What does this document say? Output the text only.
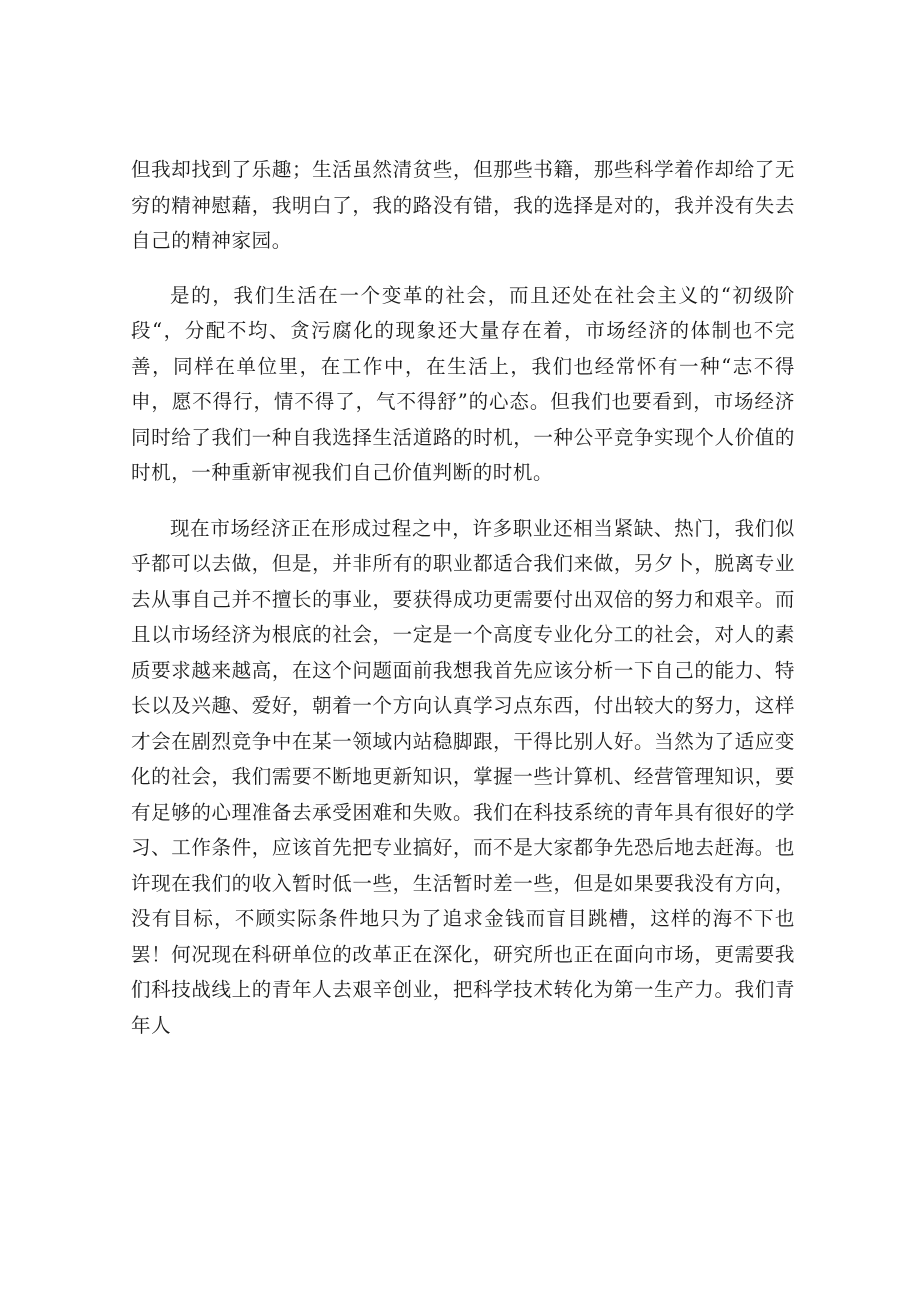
但我却找到了乐趣；生活虽然清贫些，但那些书籍，那些科学着作却给了无穷的精神慰藉，我明白了，我的路没有错，我的选择是对的，我并没有失去自己的精神家园。

是的，我们生活在一个变革的社会，而且还处在社会主义的“初级阶段“，分配不均、贪污腐化的现象还大量存在着，市场经济的体制也不完善，同样在单位里，在工作中，在生活上，我们也经常怀有一种“志不得申，愿不得行，情不得了，气不得舒”的心态。但我们也要看到，市场经济同时给了我们一种自我选择生活道路的时机，一种公平竞争实现个人价值的时机，一种重新审视我们自己价值判断的时机。

现在市场经济正在形成过程之中，许多职业还相当紧缺、热门，我们似乎都可以去做，但是，并非所有的职业都适合我们来做，另夕卜，脱离专业去从事自己并不擅长的事业，要获得成功更需要付出双倍的努力和艰辛。而且以市场经济为根底的社会，一定是一个高度专业化分工的社会，对人的素质要求越来越高，在这个问题面前我想我首先应该分析一下自己的能力、特长以及兴趣、爱好，朝着一个方向认真学习点东西，付出较大的努力，这样才会在剧烈竞争中在某一领域内站稳脚跟，干得比别人好。当然为了适应变化的社会，我们需要不断地更新知识，掌握一些计算机、经营管理知识，要有足够的心理准备去承受困难和失败。我们在科技系统的青年具有很好的学习、工作条件，应该首先把专业搞好，而不是大家都争先恐后地去赶海。也许现在我们的收入暂时低一些，生活暂时差一些，但是如果要我没有方向，没有目标，不顾实际条件地只为了追求金钱而盲目跳槽，这样的海不下也罢！何况现在科研单位的改革正在深化，研究所也正在面向市场，更需要我们科技战线上的青年人去艰辛创业，把科学技术转化为第一生产力。我们青年人
